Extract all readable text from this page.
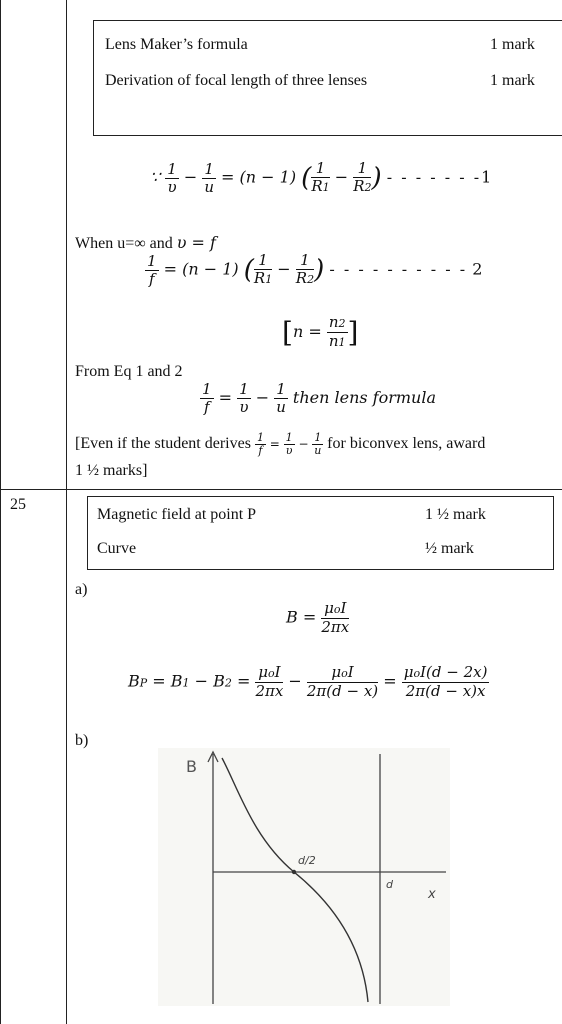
Lens Maker’s formula	1 mark
Derivation of focal length of three lenses	1 mark
∵ $\frac{1}{\upsilon} - \frac{1}{u} = (n - 1)$ ( $\frac{1}{R1} - \frac{1}{R2}$ ) - - - - - - -1
When u=∞ and υ = f
$\frac{1}{f} = (n - 1)$ ( $\frac{1}{R1} - \frac{1}{R2}$ ) - - - - - - - - - - 2
[$n = \frac{n2}{n1}$ ]
From Eq 1 and 2
$\frac{1}{f} = \frac{1}{\upsilon} - \frac{1}{u}$ then lens formula
[Even if the student derives $\frac{1}{f} = \frac{1}{\upsilon} - \frac{1}{u}$ for biconvex lens, award
1 ½ marks]
25
Magnetic field at point P	1 ½ mark
Curve	½ mark
a)
$B = \frac{\text{μoI}}{2\pi x}$
BP = $B1 - B2 = \frac{\text{μoI}}{2\pi x} - \frac{\text{μoI}}{2\pi(d - x)} = \frac{\text{μoI(d − 2x)}}{2\pi(d - x)x}$
b)
B
d/2
d
x
